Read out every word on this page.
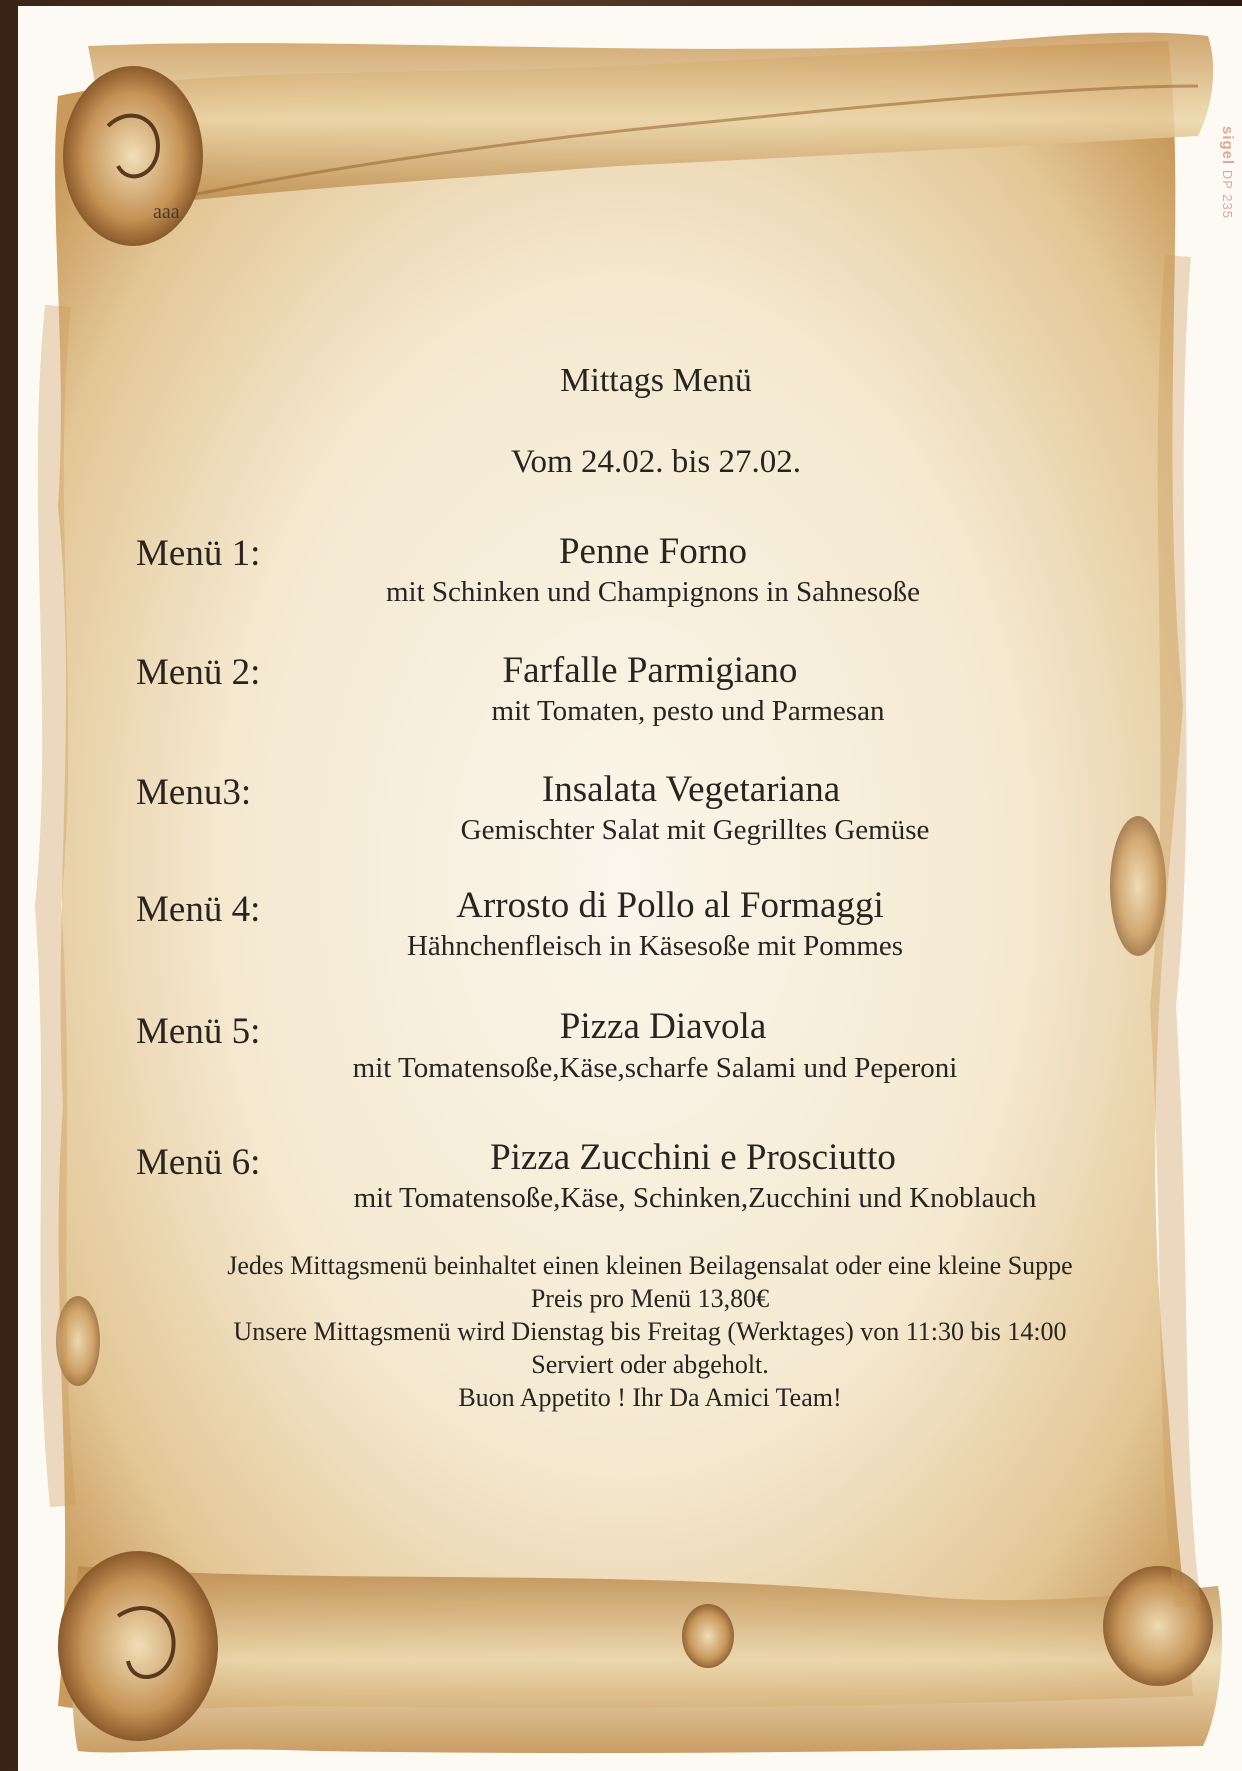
aaa
sigel DP 235
Mittags Menü
Vom 24.02. bis 27.02.
Menü 1:	Penne Forno
mit Schinken und Champignons in Sahnesoße
Menü 2:	Farfalle Parmigiano
mit Tomaten, pesto und Parmesan
Menu3:	Insalata Vegetariana
Gemischter Salat mit Gegrilltes Gemüse
Menü 4:	Arrosto di Pollo al Formaggi
Hähnchenfleisch in Käsesoße mit Pommes
Menü 5:	Pizza Diavola
mit Tomatensoße,Käse,scharfe Salami und Peperoni
Menü 6:	Pizza Zucchini e Prosciutto
mit Tomatensoße,Käse, Schinken,Zucchini und Knoblauch
Jedes Mittagsmenü beinhaltet einen kleinen Beilagensalat oder eine kleine Suppe
Preis pro Menü 13,80€
Unsere Mittagsmenü wird Dienstag bis Freitag (Werktages) von 11:30 bis 14:00
Serviert oder abgeholt.
Buon Appetito ! Ihr Da Amici Team!
